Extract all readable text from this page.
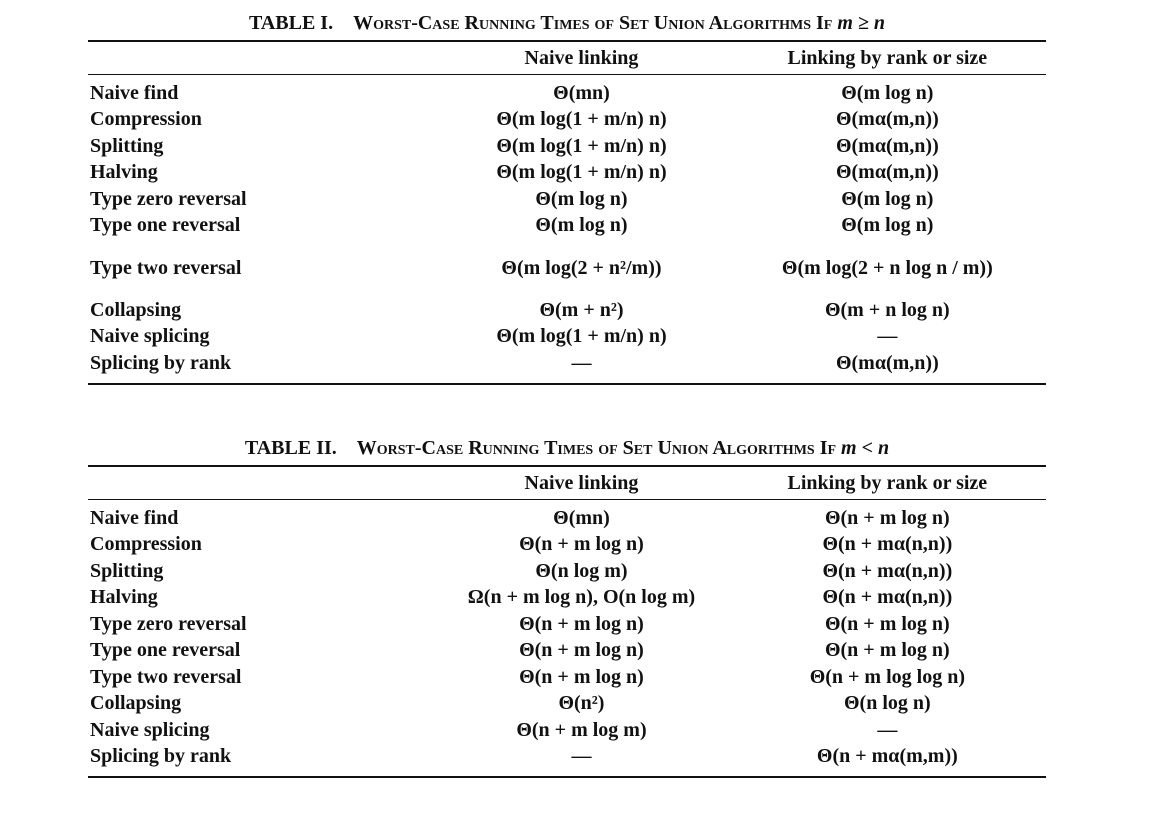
TABLE I. Worst-Case Running Times of Set Union Algorithms If m ≥ n
Naive linking	Linking by rank or size
Naive find	Θ(mn)	Θ(m log n)
Compression	Θ(m log(1 + m/n) n)	Θ(mα(m,n))
Splitting	Θ(m log(1 + m/n) n)	Θ(mα(m,n))
Halving	Θ(m log(1 + m/n) n)	Θ(mα(m,n))
Type zero reversal	Θ(m log n)	Θ(m log n)
Type one reversal	Θ(m log n)	Θ(m log n)
Type two reversal	Θ(m log(2 + n²/m))	Θ(m log(2 + n log n / m))
Collapsing	Θ(m + n²)	Θ(m + n log n)
Naive splicing	Θ(m log(1 + m/n) n)	—
Splicing by rank	—	Θ(mα(m,n))
TABLE II. Worst-Case Running Times of Set Union Algorithms If m < n
Naive linking	Linking by rank or size
Naive find	Θ(mn)	Θ(n + m log n)
Compression	Θ(n + m log n)	Θ(n + mα(n,n))
Splitting	Θ(n log m)	Θ(n + mα(n,n))
Halving	Ω(n + m log n), O(n log m)	Θ(n + mα(n,n))
Type zero reversal	Θ(n + m log n)	Θ(n + m log n)
Type one reversal	Θ(n + m log n)	Θ(n + m log n)
Type two reversal	Θ(n + m log n)	Θ(n + m log log n)
Collapsing	Θ(n²)	Θ(n log n)
Naive splicing	Θ(n + m log m)	—
Splicing by rank	—	Θ(n + mα(m,m))
